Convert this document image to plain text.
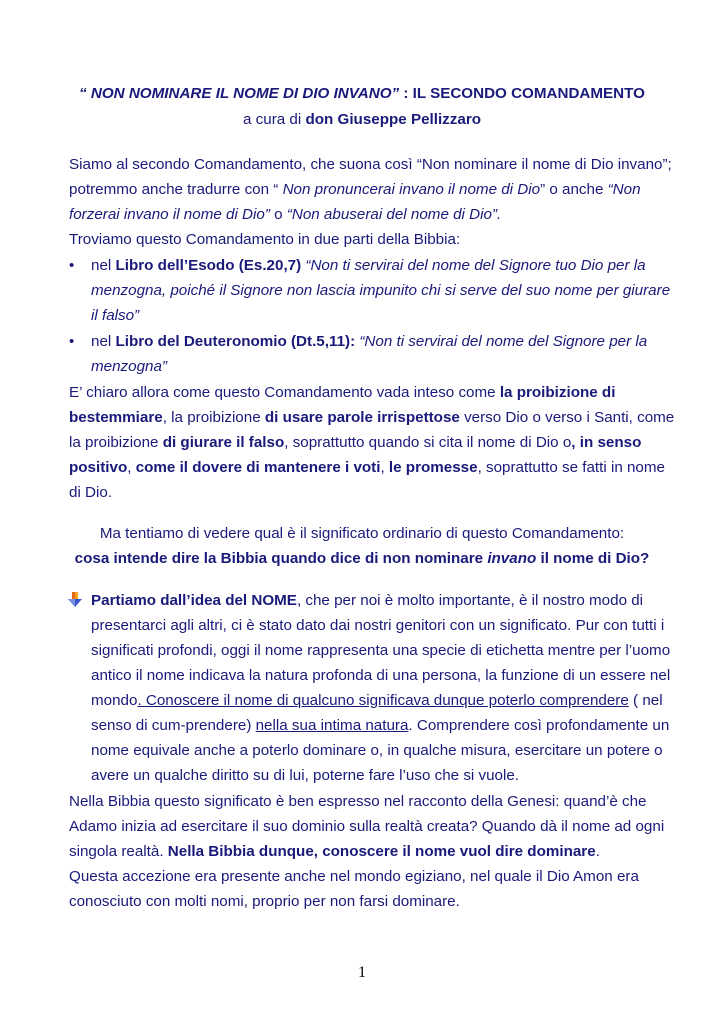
“ NON NOMINARE IL NOME DI DIO INVANO” : IL SECONDO COMANDAMENTO
a cura di don Giuseppe Pellizzaro
Siamo al secondo Comandamento, che suona così “Non nominare il nome di Dio invano”;
potremmo anche tradurre con “ Non pronuncerai invano il nome di Dio” o anche “Non
forzerai invano il nome di Dio” o “Non abuserai del nome di Dio”.
Troviamo questo Comandamento in due parti della Bibbia:
• nel Libro dell’Esodo (Es.20,7) “Non ti servirai del nome del Signore tuo Dio per la
menzogna, poiché il Signore non lascia impunito chi si serve del suo nome per giurare
il falso”
• nel Libro del Deuteronomio (Dt.5,11): “Non ti servirai del nome del Signore per la
menzogna”
E’ chiaro allora come questo Comandamento vada inteso come la proibizione di
bestemmiare, la proibizione di usare parole irrispettose verso Dio o verso i Santi, come
la proibizione di giurare il falso, soprattutto quando si cita il nome di Dio o, in senso
positivo, come il dovere di mantenere i voti, le promesse, soprattutto se fatti in nome
di Dio.
Ma tentiamo di vedere qual è il significato ordinario di questo Comandamento:
cosa intende dire la Bibbia quando dice di non nominare invano il nome di Dio?
Partiamo dall’idea del NOME, che per noi è molto importante, è il nostro modo di
presentarci agli altri, ci è stato dato dai nostri genitori con un significato. Pur con tutti i
significati profondi, oggi il nome rappresenta una specie di etichetta mentre per l’uomo
antico il nome indicava la natura profonda di una persona, la funzione di un essere nel
mondo. Conoscere il nome di qualcuno significava dunque poterlo comprendere ( nel
senso di cum-prendere) nella sua intima natura. Comprendere così profondamente un
nome equivale anche a poterlo dominare o, in qualche misura, esercitare un potere o
avere un qualche diritto su di lui, poterne fare l’uso che si vuole.
Nella Bibbia questo significato è ben espresso nel racconto della Genesi: quand’è che
Adamo inizia ad esercitare il suo dominio sulla realtà creata? Quando dà il nome ad ogni
singola realtà. Nella Bibbia dunque, conoscere il nome vuol dire dominare.
Questa accezione era presente anche nel mondo egiziano, nel quale il Dio Amon era
conosciuto con molti nomi, proprio per non farsi dominare.
1
